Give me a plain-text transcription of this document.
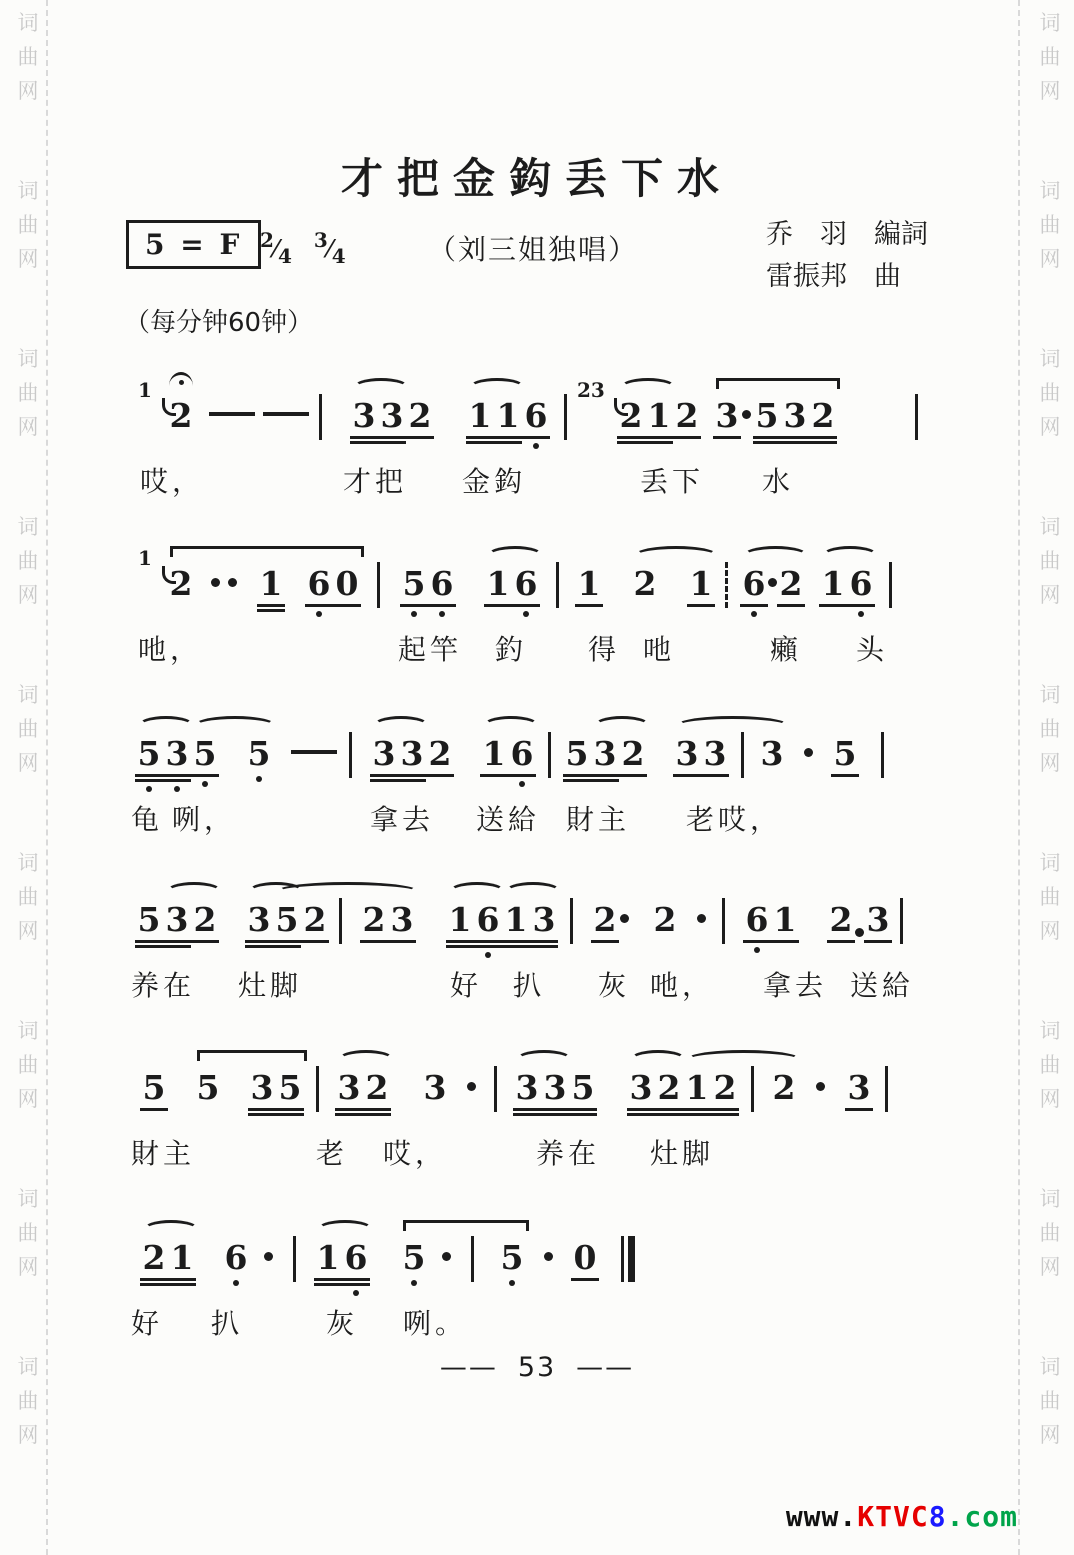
词
曲
网
词
曲
网
词
曲
网
词
曲
网
词
曲
网
词
曲
网
词
曲
网
词
曲
网
词
曲
网
词
曲
网
词
曲
网
词
曲
网
词
曲
网
词
曲
网
词
曲
网
词
曲
网
词
曲
网
词
曲
网
才把金鈎丢下水
5 = F $^2⁄_4^3⁄_4$	（刘三姐独唱）	乔　羽　編詞
雷振邦　曲
（每分钟60钟）
1
2	3 3 2 1 1 6
23
2 1 2 3 5 3 2
哎，	才把 金鈎	丢下 水
1
2 1 6 0 5 6 1 6 1 2 1 6 2 1 6
吔，	起竿 釣 得 吔	癩 头
5 3 5 5	3 3 2 1 6 5 3 2 3 3 3 5
龟 咧，	拿去 送給 財主 老哎，
5 3 2 3 5 2 2 3 1 6 1 3 2 2 6 1 2 3
养在 灶脚	好 扒 灰 吔， 拿去 送給
5 5 3 5 3 2 3 3 3 5 3 2 1 2 2 3
財主	老 哎，	养在 灶脚
2 1 6 1 6 5 5 0
好 扒	灰 咧。
—— 53 ——
www.KTVC8.com
